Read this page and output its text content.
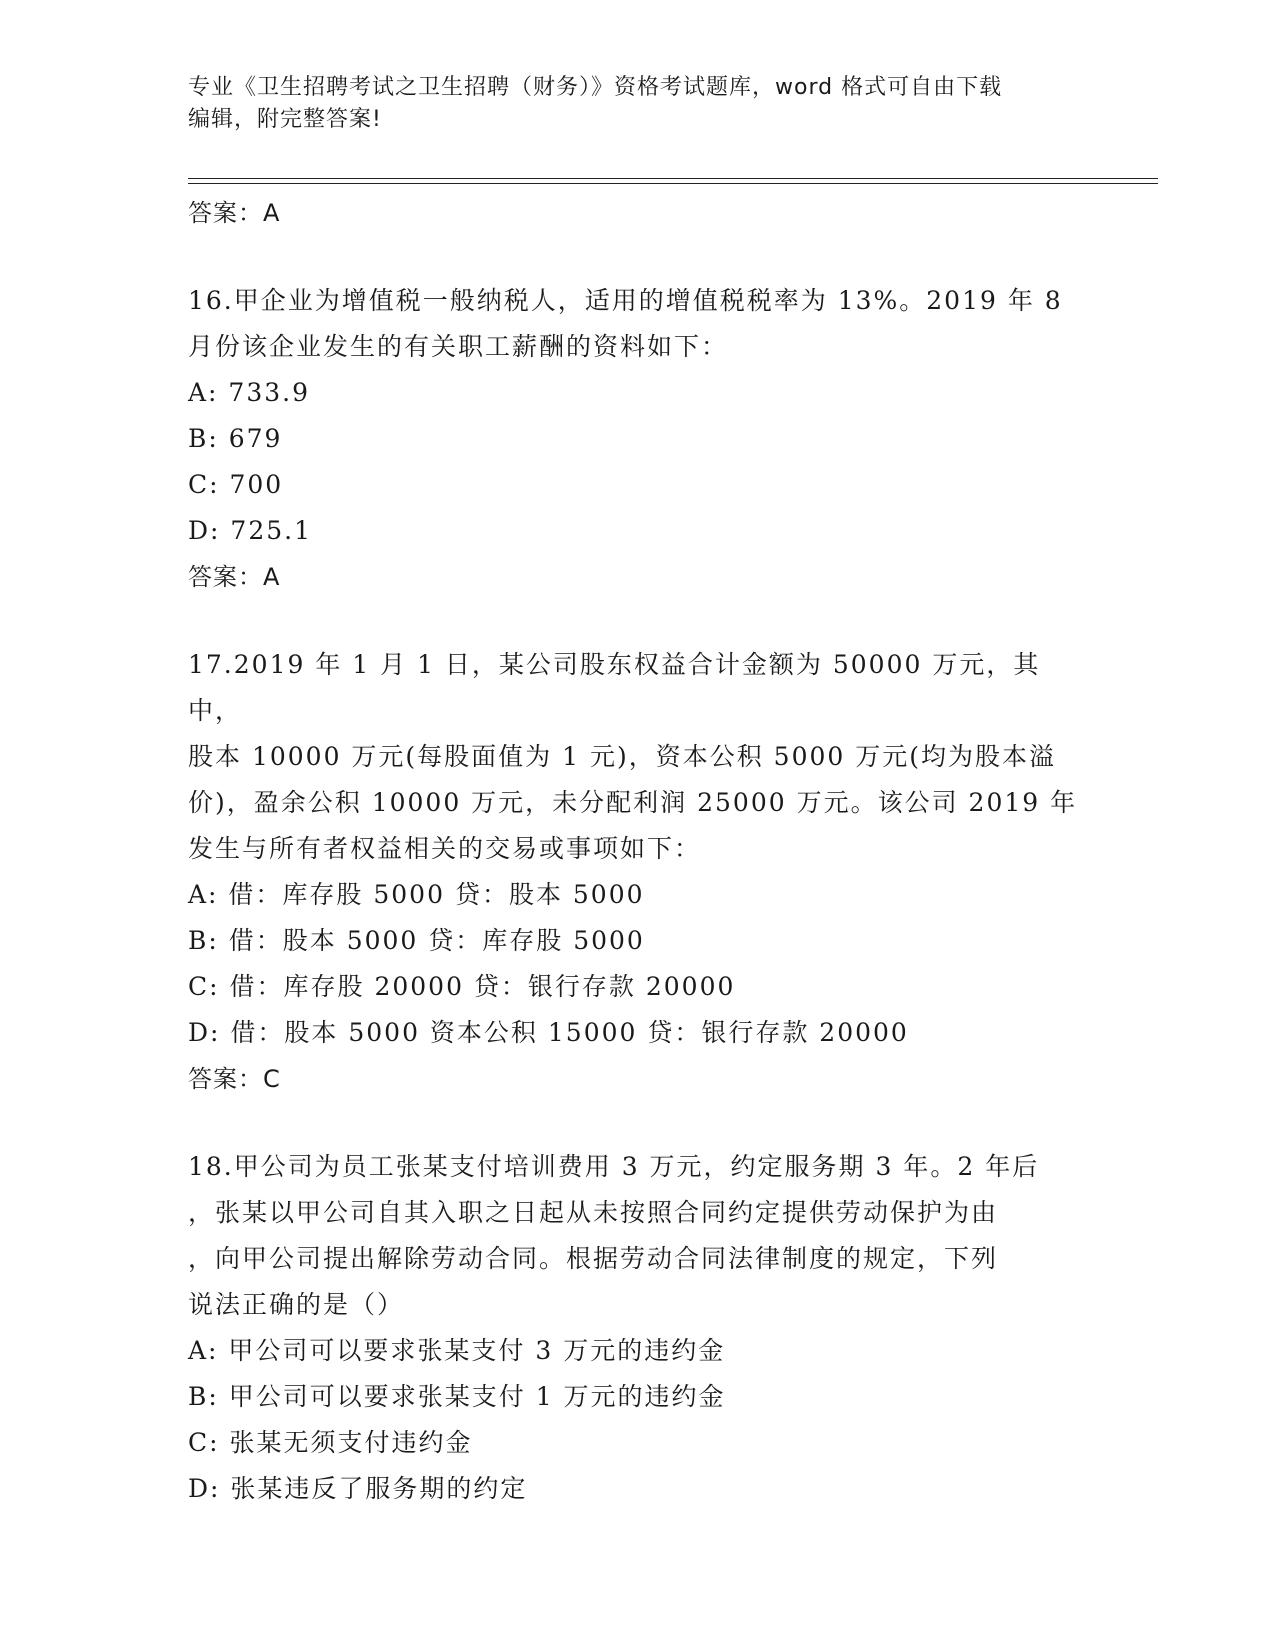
专业《卫生招聘考试之卫生招聘（财务）》资格考试题库，word 格式可自由下载
编辑，附完整答案!
答案：A
16.甲企业为增值税一般纳税人，适用的增值税税率为 13%。2019 年 8
月份该企业发生的有关职工薪酬的资料如下：
A: 733.9
B: 679
C: 700
D: 725.1
答案：A
17.2019 年 1 月 1 日，某公司股东权益合计金额为 50000 万元，其中，
股本 10000 万元(每股面值为 1 元)，资本公积 5000 万元(均为股本溢
价)，盈余公积 10000 万元，未分配利润 25000 万元。该公司 2019 年
发生与所有者权益相关的交易或事项如下：
A: 借：库存股 5000 贷：股本 5000
B: 借：股本 5000 贷：库存股 5000
C: 借：库存股 20000 贷：银行存款 20000
D: 借：股本 5000 资本公积 15000 贷：银行存款 20000
答案：C
18.甲公司为员工张某支付培训费用 3 万元，约定服务期 3 年。2 年后
，张某以甲公司自其入职之日起从未按照合同约定提供劳动保护为由
，向甲公司提出解除劳动合同。根据劳动合同法律制度的规定，下列
说法正确的是（）
A: 甲公司可以要求张某支付 3 万元的违约金
B: 甲公司可以要求张某支付 1 万元的违约金
C: 张某无须支付违约金
D: 张某违反了服务期的约定
